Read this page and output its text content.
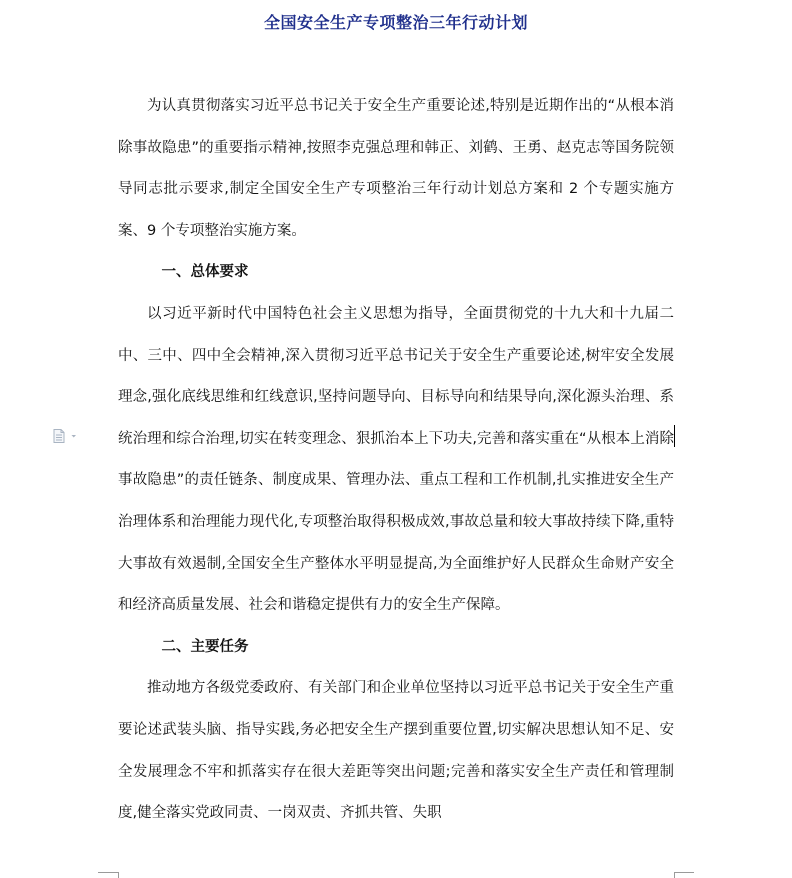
全国安全生产专项整治三年行动计划

为认真贯彻落实习近平总书记关于安全生产重要论述,特别是近期作出的“从根本消除事故隐患”的重要指示精神,按照李克强总理和韩正、刘鹤、王勇、赵克志等国务院领导同志批示要求,制定全国安全生产专项整治三年行动计划总方案和 2 个专题实施方案、9 个专项整治实施方案。

一、总体要求

以习近平新时代中国特色社会主义思想为指导，全面贯彻党的十九大和十九届二中、三中、四中全会精神,深入贯彻习近平总书记关于安全生产重要论述,树牢安全发展理念,强化底线思维和红线意识,坚持问题导向、目标导向和结果导向,深化源头治理、系统治理和综合治理,切实在转变理念、狠抓治本上下功夫,完善和落实重在“从根本上消除事故隐患”的责任链条、制度成果、管理办法、重点工程和工作机制,扎实推进安全生产治理体系和治理能力现代化,专项整治取得积极成效,事故总量和较大事故持续下降,重特大事故有效遏制,全国安全生产整体水平明显提高,为全面维护好人民群众生命财产安全和经济高质量发展、社会和谐稳定提供有力的安全生产保障。

二、主要任务

推动地方各级党委政府、有关部门和企业单位坚持以习近平总书记关于安全生产重要论述武装头脑、指导实践,务必把安全生产摆到重要位置,切实解决思想认知不足、安全发展理念不牢和抓落实存在很大差距等突出问题;完善和落实安全生产责任和管理制度,健全落实党政同责、一岗双责、齐抓共管、失职
